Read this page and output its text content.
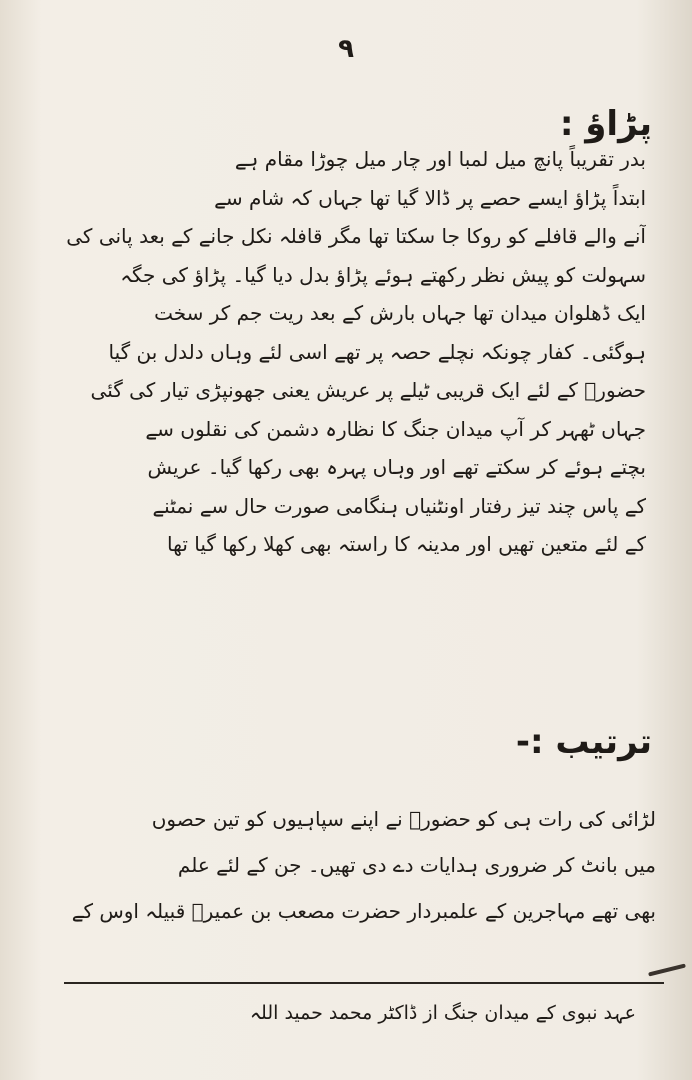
۹
پڑاؤ :
بدر تقریباً پانچ میل لمبا اور چار میل چوڑا مقام ہے
ابتداً پڑاؤ ایسے حصے پر ڈالا گیا تھا جہاں کہ شام سے
آنے والے قافلے کو روکا جا سکتا تھا مگر قافلہ نکل جانے کے بعد پانی کی
سہولت کو پیش نظر رکھتے ہوئے پڑاؤ بدل دیا گیا۔ پڑاؤ کی جگہ
ایک ڈھلوان میدان تھا جہاں بارش کے بعد ریت جم کر سخت
ہوگئی۔ کفار چونکہ نچلے حصہ پر تھے اسی لئے وہاں دلدل بن گیا
حضورؐ کے لئے ایک قریبی ٹیلے پر عریش یعنی جھونپڑی تیار کی گئی
جہاں ٹھہر کر آپ میدان جنگ کا نظارہ دشمن کی نقلوں سے
بچتے ہوئے کر سکتے تھے اور وہاں پہرہ بھی رکھا گیا۔ عریش
کے پاس چند تیز رفتار اونٹنیاں ہنگامی صورت حال سے نمٹنے
کے لئے متعین تھیں اور مدینہ کا راستہ بھی کھلا رکھا گیا تھا
ترتیب :-
لڑائی کی رات ہی کو حضورؐ نے اپنے سپاہیوں کو تین حصوں
میں بانٹ کر ضروری ہدایات دے دی تھیں۔ جن کے لئے علم
بھی تھے مہاجرین کے علمبردار حضرت مصعب بن عمیرؓ قبیلہ اوس کے
عہد نبوی کے میدان جنگ از ڈاکٹر محمد حمید اللہ
